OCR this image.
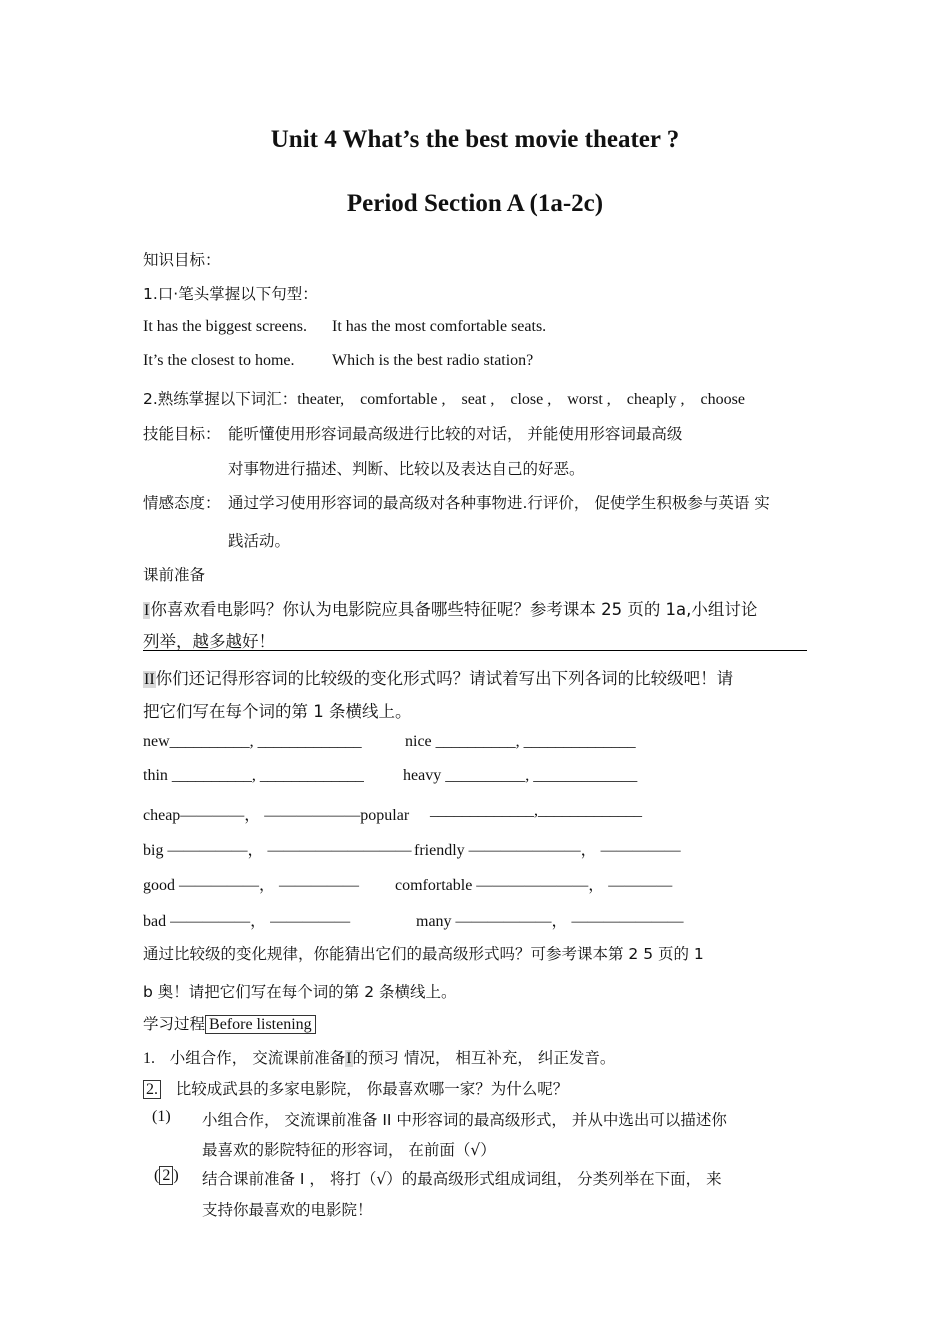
Unit 4 What’s the best movie theater ?
Period Section A (1a-2c)
知识目标：
1.口·笔头掌握以下句型：
It has the biggest screens. It has the most comfortable seats.
It’s the closest to home. Which is the best radio station?
2.熟练掌握以下词汇：theater,    comfortable ,    seat ,    close ,    worst ,    cheaply ,    choose
技能目标： 能听懂使用形容词最高级进行比较的对话， 并能使用形容词最高级
对事物进行描述、判断、比较以及表达自己的好恶。
情感态度： 通过学习使用形容词的最高级对各种事物进.行评价， 促使学生积极参与英语 实
践活动。
课前准备
I你喜欢看电影吗？你认为电影院应具备哪些特征呢？参考课本 25 页的 1a,小组讨论
列举，越多越好！
II你们还记得形容词的比较级的变化形式吗？请试着写出下列各词的比较级吧！请
把它们写在每个词的第 1 条横线上。
new__________, _____________	nice __________, ______________
thin __________, _____________ heavy __________, _____________
cheap————， ——————popular _____________,_____________
big —————， ————————— friendly ———————， —————
good —————， ————— comfortable ———————， ————
bad —————， —————	many ——————， ———————
通过比较级的变化规律，你能猜出它们的最高级形式吗？可参考课本第 2 5 页的 1
b 奥！请把它们写在每个词的第 2 条横线上。
学习过程 Before listening
1. 小组合作， 交流课前准备I的预习 情况， 相互补充， 纠正发音。
2. 比较成武县的多家电影院， 你最喜欢哪一家？为什么呢？
(1) 小组合作， 交流课前准备 II 中形容词的最高级形式， 并从中选出可以描述你
最喜欢的影院特征的形容词， 在前面（√）
( 2 ) 结合课前准备 I ， 将打（√）的最高级形式组成词组， 分类列举在下面， 来
支持你最喜欢的电影院！
